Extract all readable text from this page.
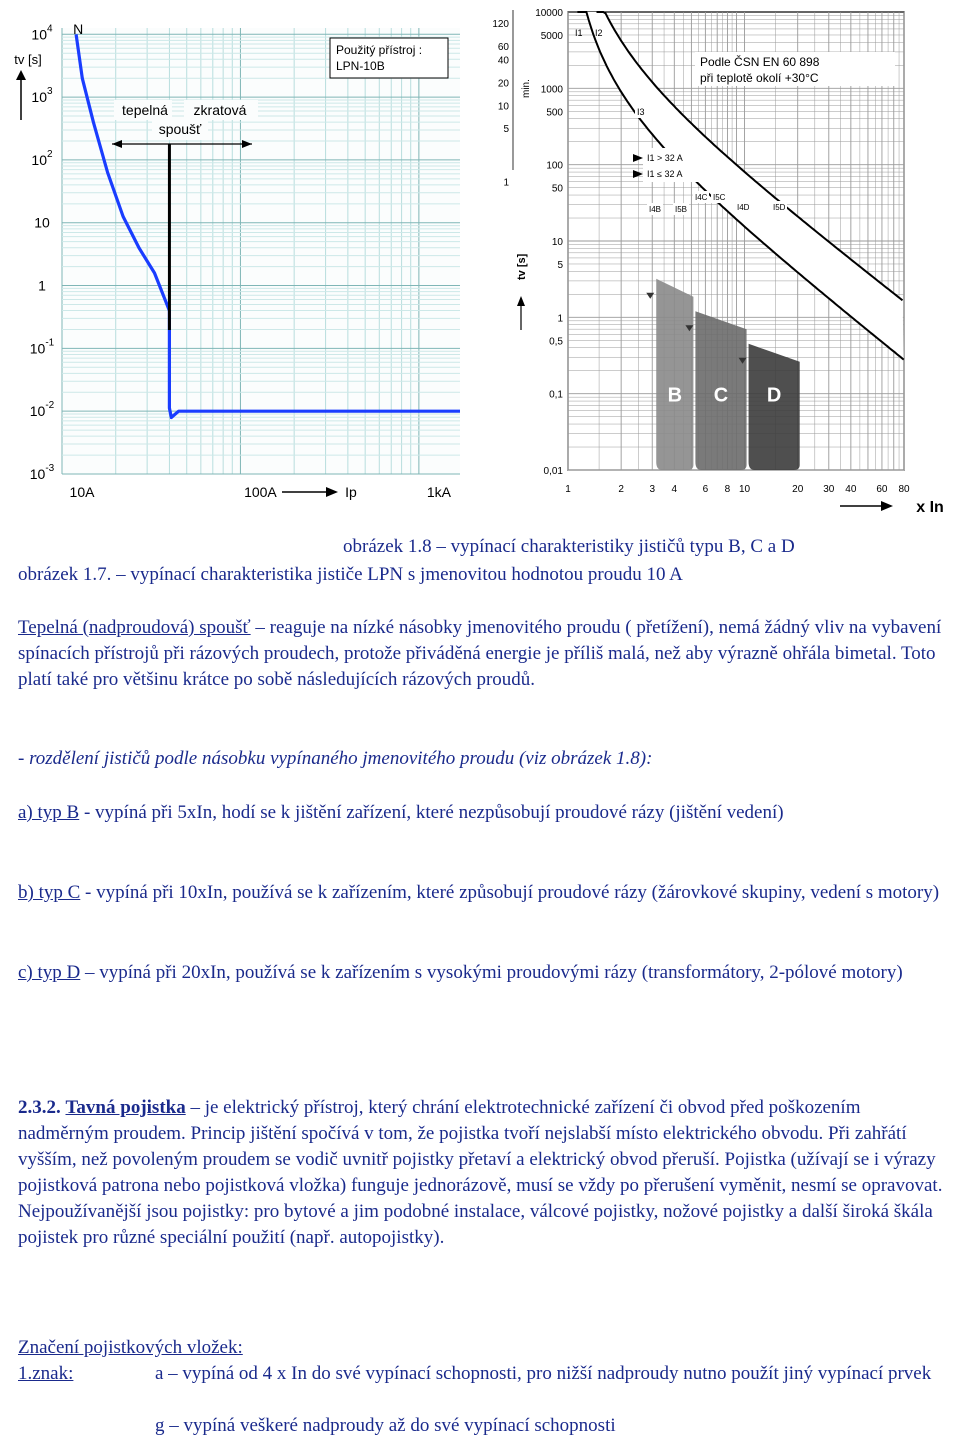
$10^4$
$10^3$
$10^2$
10
1
$10^{-1}$
$10^{-2}$
$10^{-3}$
tv [s]
10A	100A	1kA
Ip
N
tepelná zkratová
spoušť
Použitý přístroj :
LPN-10B
B C D
10000
5000
1000
500
100
50
10
5
1
0,5
0,1
0,01
120
60
40
20
10
5
1
min.
tv [s]
1	2	3 4	6 8 10	20 30 40 60 80
x In
Podle ČSN EN 60 898
při teplotě okolí +30°C
I1 I2
I3
I1 > 32 A
I1 ≤ 32 A
I4B I5B
I4C I5C
I4D	I5D
obrázek 1.8 – vypínací charakteristiky jističů typu B, C a D
obrázek 1.7. – vypínací charakteristika jističe LPN s jmenovitou hodnotou proudu 10 A
Tepelná (nadproudová) spoušť – reaguje na nízké násobky jmenovitého proudu ( přetížení), nemá žádný vliv na vybavení spínacích přístrojů při rázových proudech, protože přiváděná energie je příliš malá, než aby výrazně ohřála bimetal. Toto platí také pro většinu krátce po sobě následujících rázových proudů.
- rozdělení jističů podle násobku vypínaného jmenovitého proudu (viz obrázek 1.8):
a) typ B - vypíná při 5xIn, hodí se k jištění zařízení, které nezpůsobují proudové rázy (jištění vedení)
b) typ C - vypíná při 10xIn, používá se k zařízením, které způsobují proudové rázy (žárovkové skupiny, vedení s motory)
c) typ D – vypíná při 20xIn, používá se k zařízením s vysokými proudovými rázy (transformátory, 2-pólové motory)
2.3.2. Tavná pojistka – je elektrický přístroj, který chrání elektrotechnické zařízení či obvod před poškozením nadměrným proudem. Princip jištění spočívá v tom, že pojistka tvoří nejslabší místo elektrického obvodu. Při zahřátí vyšším, než povoleným proudem se vodič uvnitř pojistky přetaví a elektrický obvod přeruší. Pojistka (užívají se i výrazy pojistková patrona nebo pojistková vložka) funguje jednorázově, musí se vždy po přerušení vyměnit, nesmí se opravovat. Nejpoužívanější jsou pojistky: pro bytové a jim podobné instalace, válcové pojistky, nožové pojistky a další široká škála pojistek pro různé speciální použití (např. autopojistky).
Značení pojistkových vložek:
1.znak:	a – vypíná od 4 x In do své vypínací schopnosti, pro nižší nadproudy nutno použít jiný vypínací prvek
g – vypíná veškeré nadproudy až do své vypínací schopnosti
